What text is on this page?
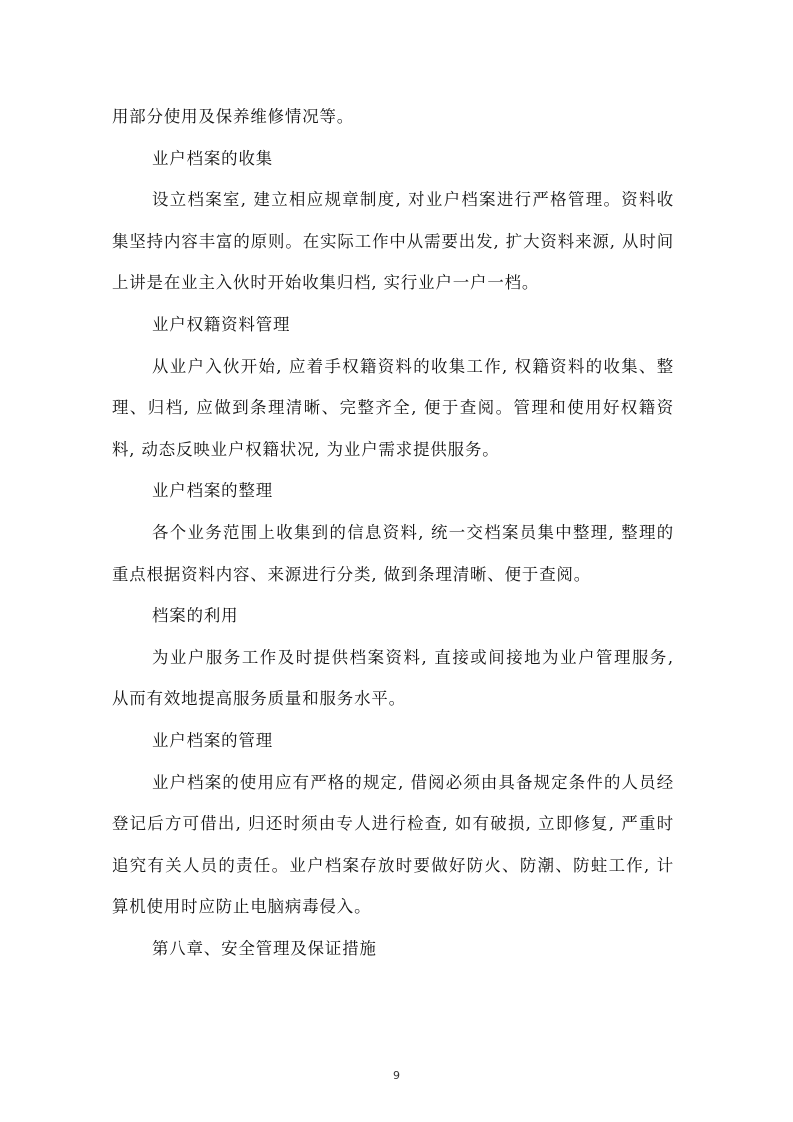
用部分使用及保养维修情况等。

业户档案的收集

设立档案室, 建立相应规章制度, 对业户档案进行严格管理。资料收集坚持内容丰富的原则。在实际工作中从需要出发, 扩大资料来源, 从时间上讲是在业主入伙时开始收集归档, 实行业户一户一档。

业户权籍资料管理

从业户入伙开始, 应着手权籍资料的收集工作, 权籍资料的收集、整理、归档, 应做到条理清晰、完整齐全, 便于查阅。管理和使用好权籍资料, 动态反映业户权籍状况, 为业户需求提供服务。

业户档案的整理

各个业务范围上收集到的信息资料, 统一交档案员集中整理, 整理的重点根据资料内容、来源进行分类, 做到条理清晰、便于查阅。

档案的利用

为业户服务工作及时提供档案资料, 直接或间接地为业户管理服务, 从而有效地提高服务质量和服务水平。

业户档案的管理

业户档案的使用应有严格的规定, 借阅必须由具备规定条件的人员经登记后方可借出, 归还时须由专人进行检查, 如有破损, 立即修复, 严重时追究有关人员的责任。业户档案存放时要做好防火、防潮、防蛀工作, 计算机使用时应防止电脑病毒侵入。

第八章、安全管理及保证措施

9
